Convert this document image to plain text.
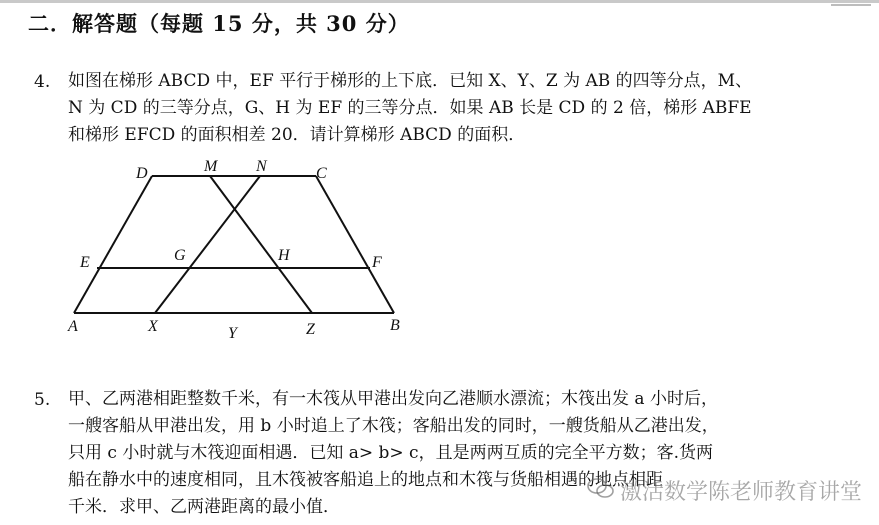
二．解答题（每题 15 分，共 30 分）
4. 如图在梯形 ABCD 中，EF 平行于梯形的上下底．已知 X、Y、Z 为 AB 的四等分点，M、
N 为 CD 的三等分点，G、H 为 EF 的三等分点．如果 AB 长是 CD 的 2 倍，梯形 ABFE
和梯形 EFCD 的面积相差 20．请计算梯形 ABCD 的面积．
D	M N	C
E	G	H	F
A	X	Y	Z	B
5. 甲、乙两港相距整数千米，有一木筏从甲港出发向乙港顺水漂流；木筏出发 a 小时后，
一艘客船从甲港出发，用 b 小时追上了木筏；客船出发的同时，一艘货船从乙港出发，
只用 c 小时就与木筏迎面相遇．已知 a> b> c，且是两两互质的完全平方数；客.货两
船在静水中的速度相同，且木筏被客船追上的地点和木筏与货船相遇的地点相距
千米．求甲、乙两港距离的最小值．
激活数学陈老师教育讲堂
